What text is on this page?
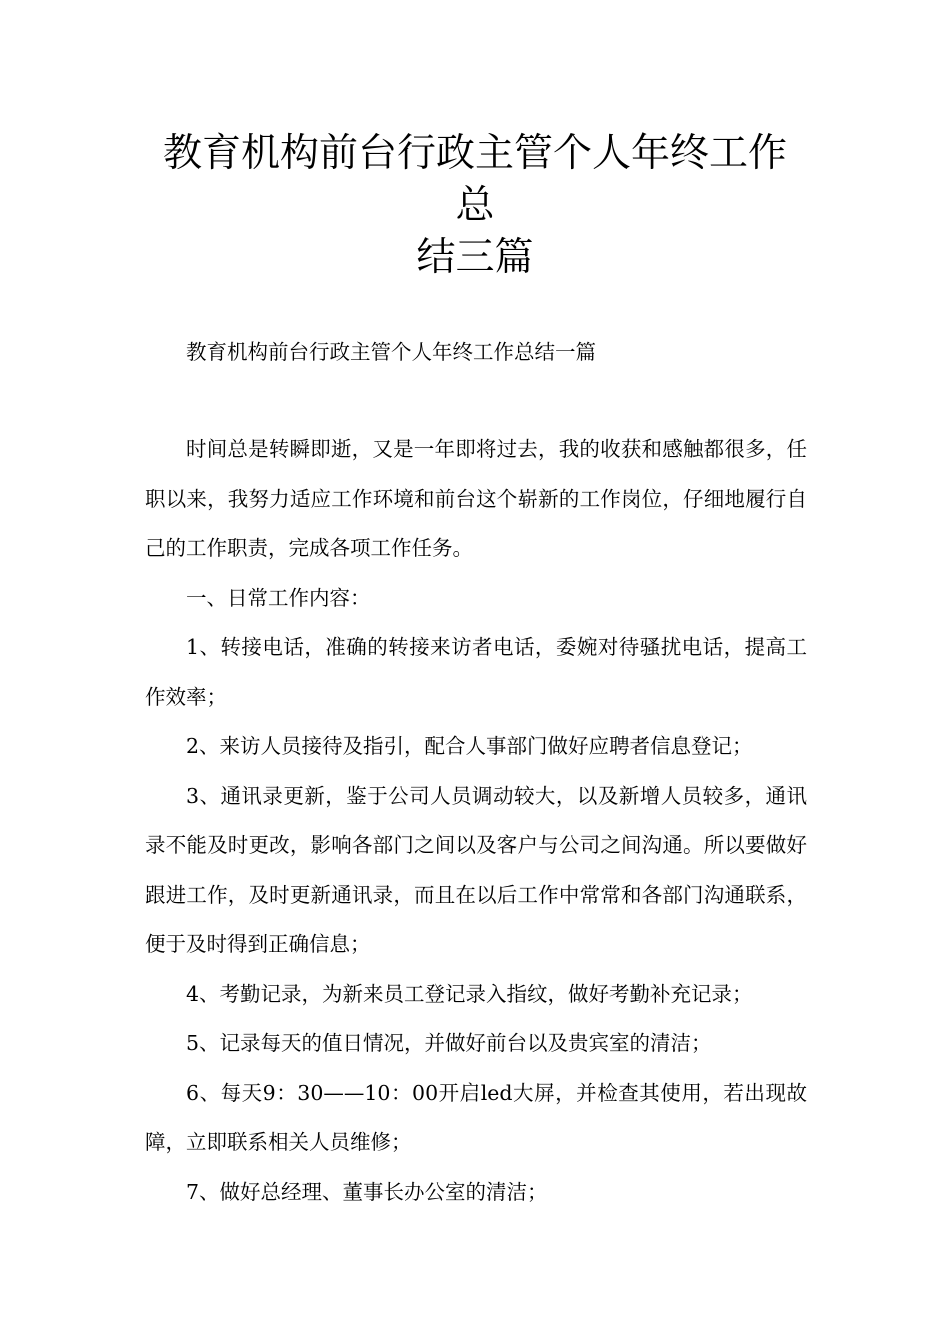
教育机构前台行政主管个人年终工作总
结三篇

教育机构前台行政主管个人年终工作总结一篇

时间总是转瞬即逝，又是一年即将过去，我的收获和感触都很多，任职以来，我努力适应工作环境和前台这个崭新的工作岗位，仔细地履行自己的工作职责，完成各项工作任务。

一、日常工作内容：

1、转接电话，准确的转接来访者电话，委婉对待骚扰电话，提高工作效率；

2、来访人员接待及指引，配合人事部门做好应聘者信息登记；

3、通讯录更新，鉴于公司人员调动较大，以及新增人员较多，通讯录不能及时更改，影响各部门之间以及客户与公司之间沟通。所以要做好跟进工作，及时更新通讯录，而且在以后工作中常常和各部门沟通联系，便于及时得到正确信息；

4、考勤记录，为新来员工登记录入指纹，做好考勤补充记录；

5、记录每天的值日情况，并做好前台以及贵宾室的清洁；

6、每天9：30——10：00开启led大屏，并检查其使用，若出现故障，立即联系相关人员维修；

7、做好总经理、董事长办公室的清洁；
